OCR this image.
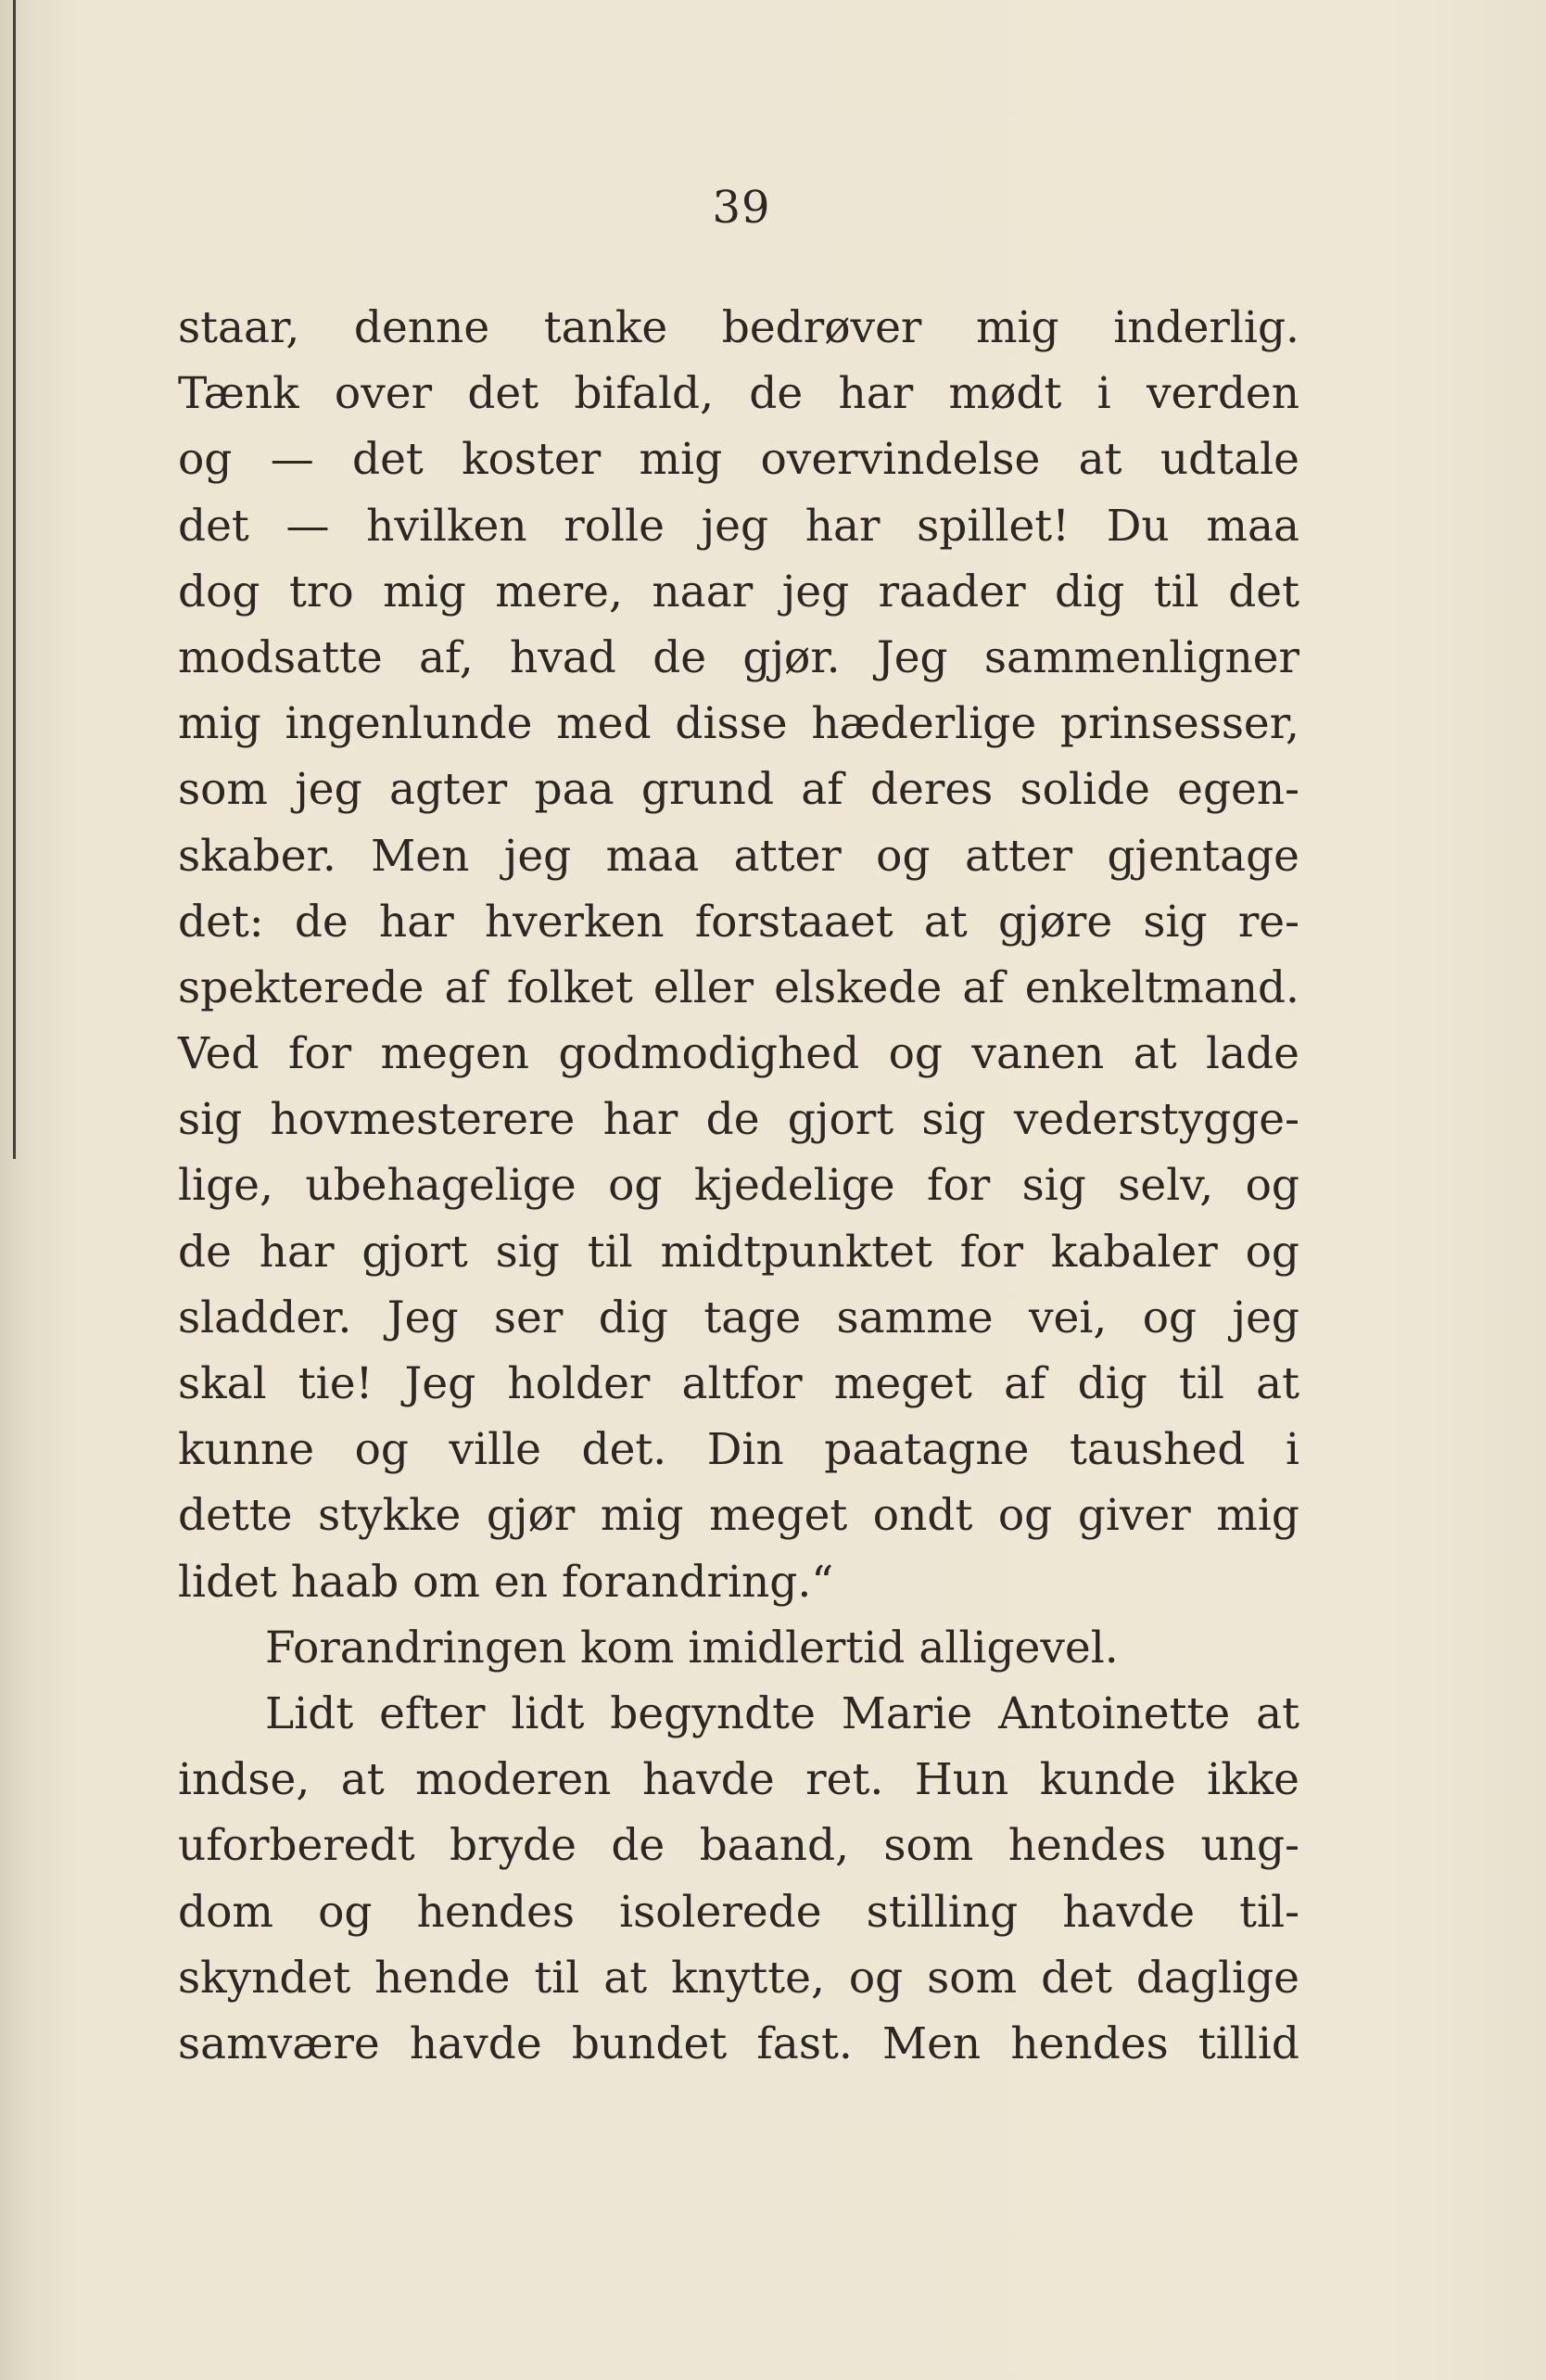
39
staar, denne tanke bedrøver mig inderlig.
Tænk over det bifald, de har mødt i verden
og — det koster mig overvindelse at udtale
det — hvilken rolle jeg har spillet! Du maa
dog tro mig mere, naar jeg raader dig til det
modsatte af, hvad de gjør. Jeg sammenligner
mig ingenlunde med disse hæderlige prinsesser,
som jeg agter paa grund af deres solide egen-
skaber. Men jeg maa atter og atter gjentage
det: de har hverken forstaaet at gjøre sig re-
spekterede af folket eller elskede af enkeltmand.
Ved for megen godmodighed og vanen at lade
sig hovmesterere har de gjort sig vederstygge-
lige, ubehagelige og kjedelige for sig selv, og
de har gjort sig til midtpunktet for kabaler og
sladder. Jeg ser dig tage samme vei, og jeg
skal tie! Jeg holder altfor meget af dig til at
kunne og ville det. Din paatagne taushed i
dette stykke gjør mig meget ondt og giver mig
lidet haab om en forandring.“
Forandringen kom imidlertid alligevel.
Lidt efter lidt begyndte Marie Antoinette at
indse, at moderen havde ret. Hun kunde ikke
uforberedt bryde de baand, som hendes ung-
dom og hendes isolerede stilling havde til-
skyndet hende til at knytte, og som det daglige
samvære havde bundet fast. Men hendes tillid
